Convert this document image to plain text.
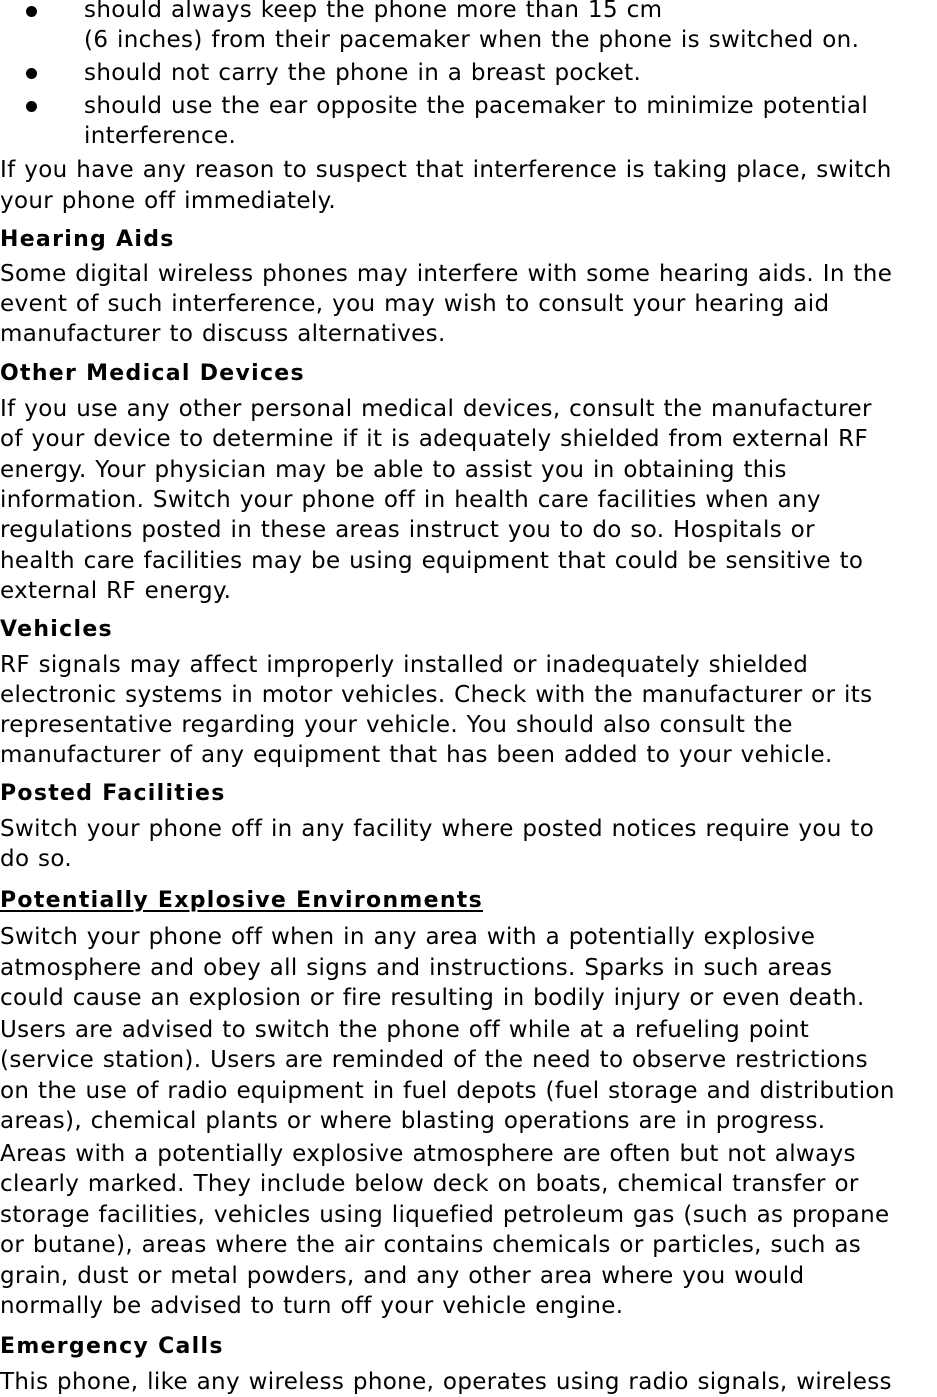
should always keep the phone more than 15 cm
(6 inches) from their pacemaker when the phone is switched on.
should not carry the phone in a breast pocket.
should use the ear opposite the pacemaker to minimize potential
interference.
If you have any reason to suspect that interference is taking place, switch
your phone off immediately.
Hearing Aids
Some digital wireless phones may interfere with some hearing aids. In the
event of such interference, you may wish to consult your hearing aid
manufacturer to discuss alternatives.
Other Medical Devices
If you use any other personal medical devices, consult the manufacturer
of your device to determine if it is adequately shielded from external RF
energy. Your physician may be able to assist you in obtaining this
information. Switch your phone off in health care facilities when any
regulations posted in these areas instruct you to do so. Hospitals or
health care facilities may be using equipment that could be sensitive to
external RF energy.
Vehicles
RF signals may affect improperly installed or inadequately shielded
electronic systems in motor vehicles. Check with the manufacturer or its
representative regarding your vehicle. You should also consult the
manufacturer of any equipment that has been added to your vehicle.
Posted Facilities
Switch your phone off in any facility where posted notices require you to
do so.
Potentially Explosive Environments
Switch your phone off when in any area with a potentially explosive
atmosphere and obey all signs and instructions. Sparks in such areas
could cause an explosion or fire resulting in bodily injury or even death.
Users are advised to switch the phone off while at a refueling point
(service station). Users are reminded of the need to observe restrictions
on the use of radio equipment in fuel depots (fuel storage and distribution
areas), chemical plants or where blasting operations are in progress.
Areas with a potentially explosive atmosphere are often but not always
clearly marked. They include below deck on boats, chemical transfer or
storage facilities, vehicles using liquefied petroleum gas (such as propane
or butane), areas where the air contains chemicals or particles, such as
grain, dust or metal powders, and any other area where you would
normally be advised to turn off your vehicle engine.
Emergency Calls
This phone, like any wireless phone, operates using radio signals, wireless
